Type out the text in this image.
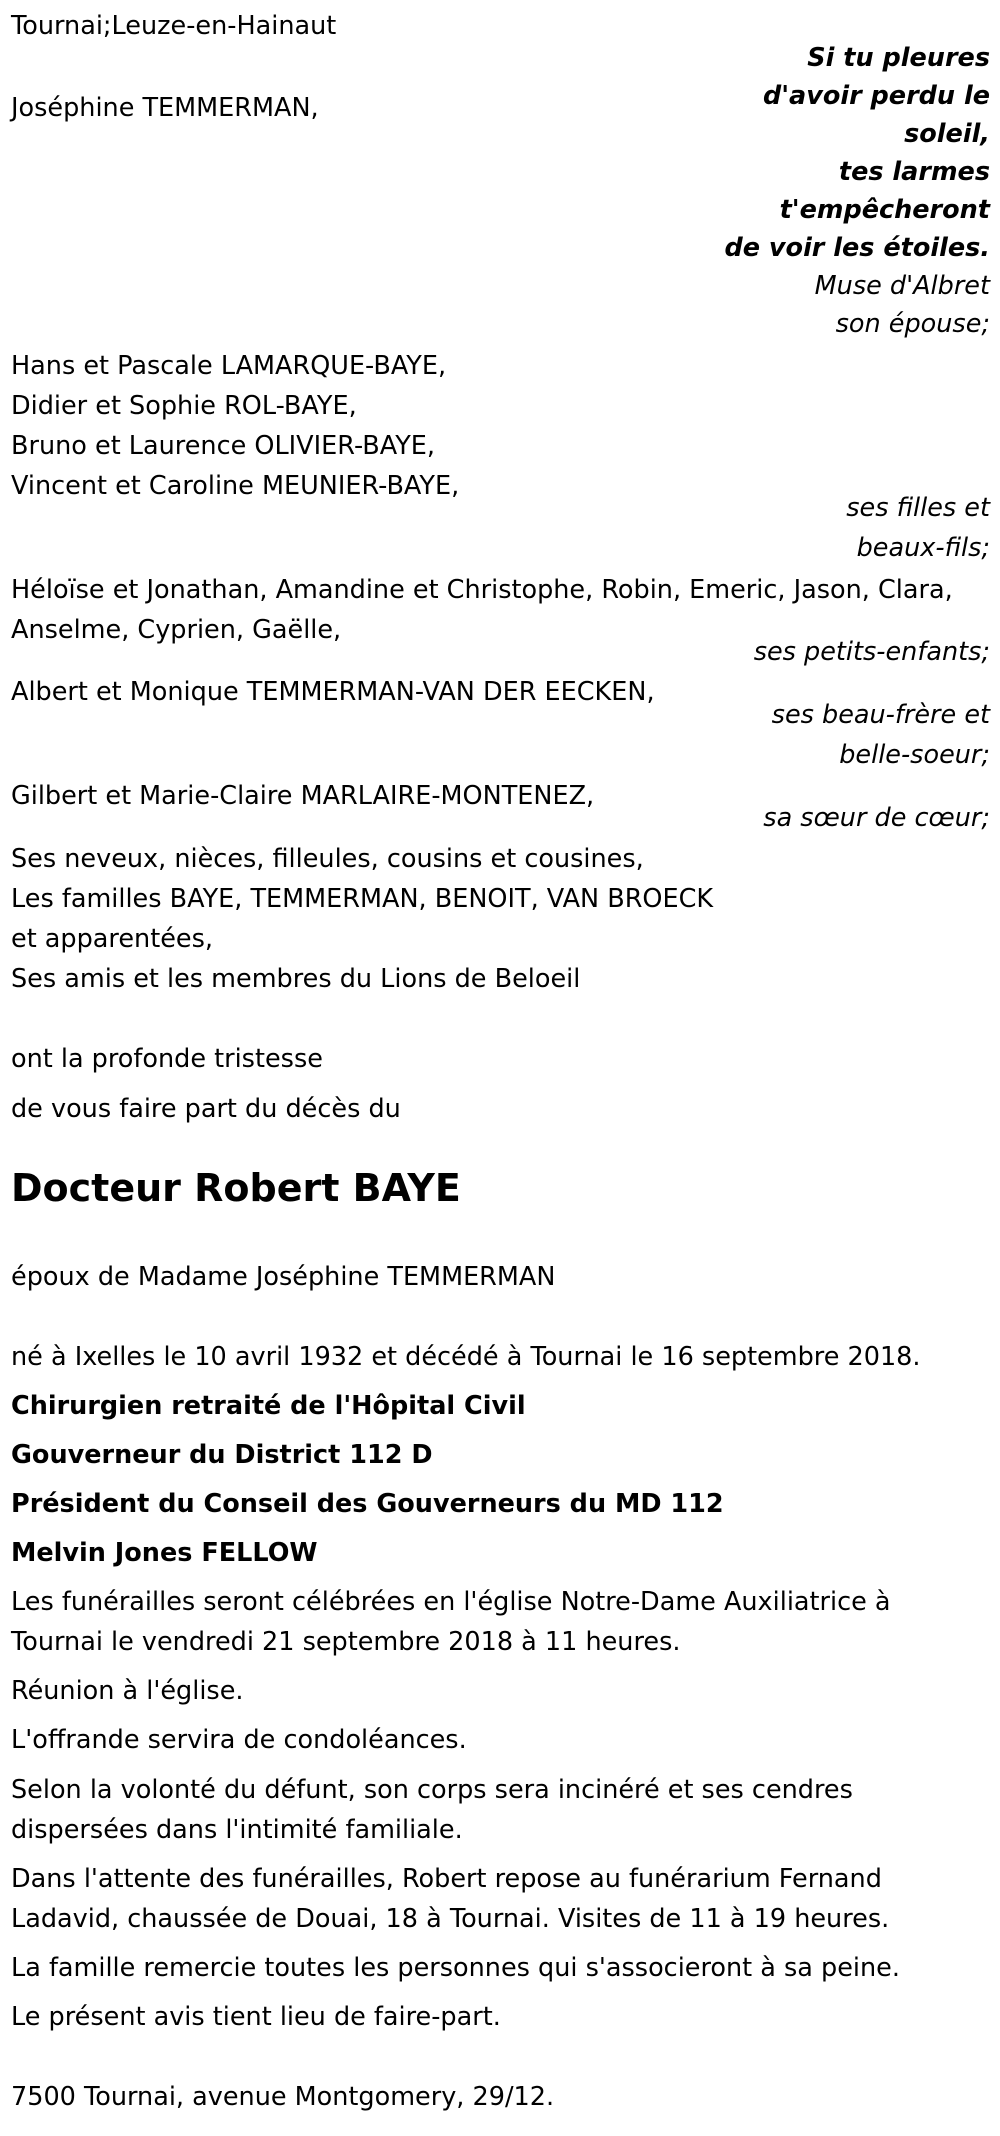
Tournai;Leuze-en-Hainaut
Si tu pleures
d'avoir perdu le
soleil,
tes larmes
t'empêcheront
de voir les étoiles.
Muse d'Albret
Joséphine TEMMERMAN,
son épouse;
Hans et Pascale LAMARQUE-BAYE,
Didier et Sophie ROL-BAYE,
Bruno et Laurence OLIVIER-BAYE,
Vincent et Caroline MEUNIER-BAYE,
ses filles et
beaux-fils;
Héloïse et Jonathan, Amandine et Christophe, Robin, Emeric, Jason, Clara,
Anselme, Cyprien, Gaëlle,
ses petits-enfants;
Albert et Monique TEMMERMAN-VAN DER EECKEN,
ses beau-frère et
belle-soeur;
Gilbert et Marie-Claire MARLAIRE-MONTENEZ,
sa sœur de cœur;
Ses neveux, nièces, filleules, cousins et cousines,
Les familles BAYE, TEMMERMAN, BENOIT, VAN BROECK
et apparentées,
Ses amis et les membres du Lions de Beloeil
ont la profonde tristesse
de vous faire part du décès du
Docteur Robert BAYE
époux de Madame Joséphine TEMMERMAN
né à Ixelles le 10 avril 1932 et décédé à Tournai le 16 septembre 2018.
Chirurgien retraité de l'Hôpital Civil
Gouverneur du District 112 D
Président du Conseil des Gouverneurs du MD 112
Melvin Jones FELLOW
Les funérailles seront célébrées en l'église Notre-Dame Auxiliatrice à
Tournai le vendredi 21 septembre 2018 à 11 heures.
Réunion à l'église.
L'offrande servira de condoléances.
Selon la volonté du défunt, son corps sera incinéré et ses cendres
dispersées dans l'intimité familiale.
Dans l'attente des funérailles, Robert repose au funérarium Fernand
Ladavid, chaussée de Douai, 18 à Tournai. Visites de 11 à 19 heures.
La famille remercie toutes les personnes qui s'associeront à sa peine.
Le présent avis tient lieu de faire-part.
7500 Tournai, avenue Montgomery, 29/12.
